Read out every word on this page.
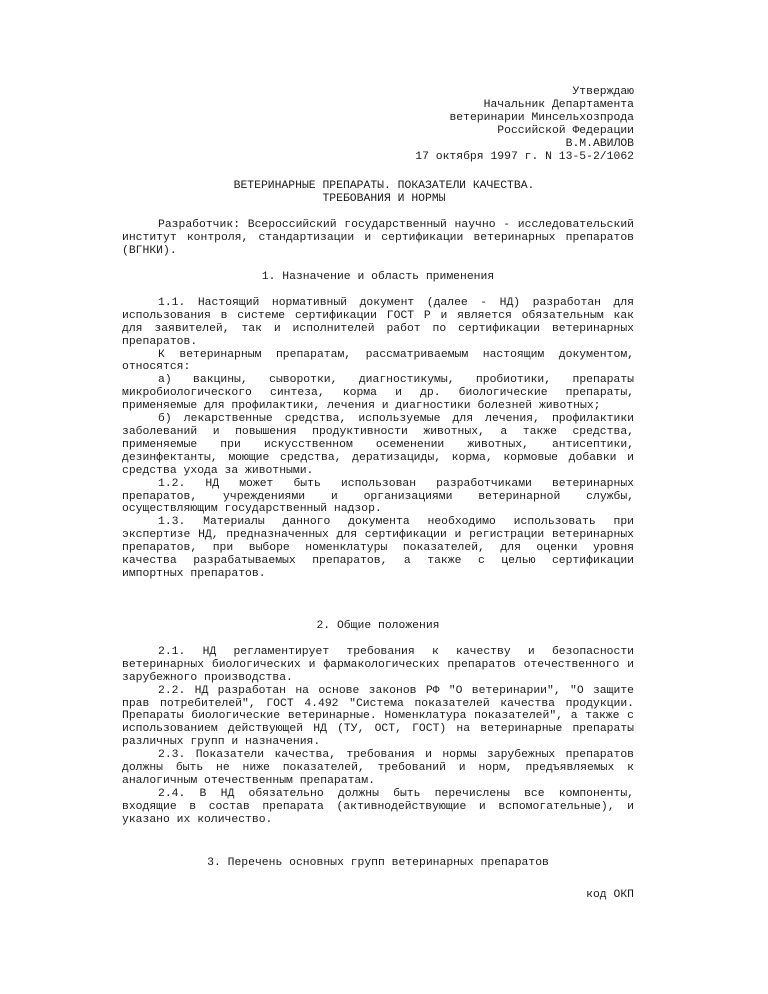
Утверждаю
Начальник Департамента
ветеринарии Минсельхозпрода
Российской Федерации
В.М.АВИЛОВ
17 октября 1997 г. N 13-5-2/1062
ВЕТЕРИНАРНЫЕ ПРЕПАРАТЫ. ПОКАЗАТЕЛИ КАЧЕСТВА.
ТРЕБОВАНИЯ И НОРМЫ
Разработчик: Всероссийский государственный научно - исследовательский институт контроля, стандартизации и сертификации ветеринарных препаратов (ВГНКИ).
1. Назначение и область применения
1.1. Настоящий нормативный документ (далее - НД) разработан для использования в системе сертификации ГОСТ Р и является обязательным как для заявителей, так и исполнителей работ по сертификации ветеринарных препаратов.
К ветеринарным препаратам, рассматриваемым настоящим документом, относятся:
а) вакцины, сыворотки, диагностикумы, пробиотики, препараты микробиологического синтеза, корма и др. биологические препараты, применяемые для профилактики, лечения и диагностики болезней животных;
б) лекарственные средства, используемые для лечения, профилактики заболеваний и повышения продуктивности животных, а также средства, применяемые при искусственном осеменении животных, антисептики, дезинфектанты, моющие средства, дератизациды, корма, кормовые добавки и средства ухода за животными.
1.2. НД может быть использован разработчиками ветеринарных препаратов, учреждениями и организациями ветеринарной службы, осуществляющим государственный надзор.
1.3. Материалы данного документа необходимо использовать при экспертизе НД, предназначенных для сертификации и регистрации ветеринарных препаратов, при выборе номенклатуры показателей, для оценки уровня качества разрабатываемых препаратов, а также с целью сертификации импортных препаратов.
2. Общие положения
2.1. НД регламентирует требования к качеству и безопасности ветеринарных биологических и фармакологических препаратов отечественного и зарубежного производства.
2.2. НД разработан на основе законов РФ "О ветеринарии", "О защите прав потребителей", ГОСТ 4.492 "Система показателей качества продукции. Препараты биологические ветеринарные. Номенклатура показателей", а также с использованием действующей НД (ТУ, ОСТ, ГОСТ) на ветеринарные препараты различных групп и назначения.
2.3. Показатели качества, требования и нормы зарубежных препаратов должны быть не ниже показателей, требований и норм, предъявляемых к аналогичным отечественным препаратам.
2.4. В НД обязательно должны быть перечислены все компоненты, входящие в состав препарата (активнодействующие и вспомогательные), и указано их количество.
3. Перечень основных групп ветеринарных препаратов
код ОКП
